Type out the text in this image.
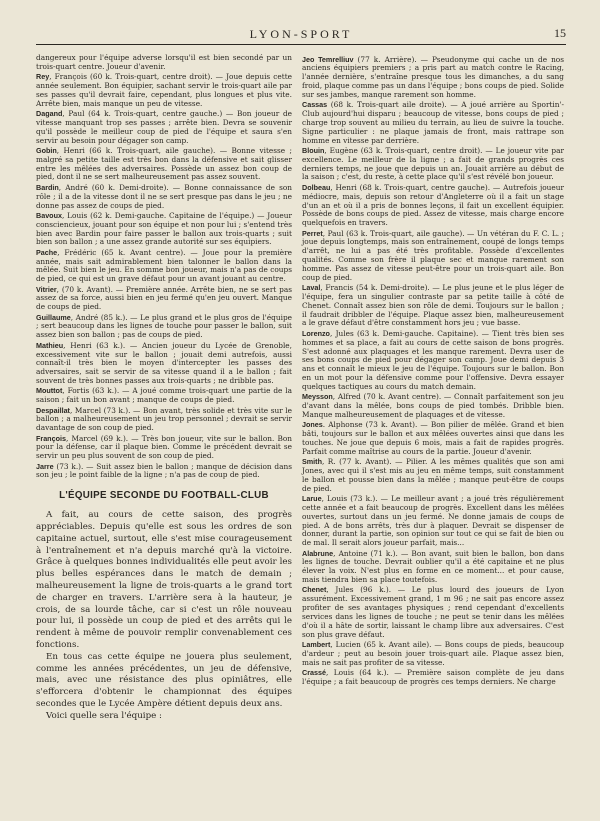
LYON-SPORT	15

dangereux pour l'équipe adverse lorsqu'il est bien secondé par un trois-quart centre. Joueur d'avenir.

Rey, François (60 k. Trois-quart, centre droit). — Joue depuis cette année seulement. Bon équipier, sachant servir le trois-quart aile par ses passes qu'il devrait faire, cependant, plus longues et plus vite. Arrête bien, mais manque un peu de vitesse.

Dagand, Paul (64 k. Trois-quart, centre gauche.) — Bon joueur de vitesse manquant trop ses passes ; arrête bien. Devra se souvenir qu'il possède le meilleur coup de pied de l'équipe et saura s'en servir au besoin pour dégager son camp.

Gobin, Henri (66 k. Trois-quart, aile gauche). — Bonne vitesse ; malgré sa petite taille est très bon dans la défensive et sait glisser entre les mêlées des adversaires. Possède un assez bon coup de pied, dont il ne se sert malheureusement pas assez souvent.

Bardin, André (60 k. Demi-droite). — Bonne connaissance de son rôle ; il a de la vitesse dont il ne se sert presque pas dans le jeu ; ne donne pas assez de coups de pied.

Bavoux, Louis (62 k. Demi-gauche. Capitaine de l'équipe.) — Joueur consciencieux, jouant pour son équipe et non pour lui ; s'entend très bien avec Bardin pour faire passer le ballon aux trois-quarts ; suit bien son ballon ; a une assez grande autorité sur ses équipiers.

Pache, Frédéric (65 k. Avant centre). — Joue pour la première année, mais sait admirablement bien talonner le ballon dans la mêlée. Suit bien le jeu. En somme bon joueur, mais n'a pas de coups de pied, ce qui est un grave défaut pour un avant jouant au centre.

Vitrier, (70 k. Avant). — Première année. Arrête bien, ne se sert pas assez de sa force, aussi bien en jeu fermé qu'en jeu ouvert. Manque de coups de pied.

Guillaume, André (85 k.). — Le plus grand et le plus gros de l'équipe ; sert beaucoup dans les lignes de touche pour passer le ballon, suit assez bien son ballon ; pas de coups de pied.

Mathieu, Henri (63 k.). — Ancien joueur du Lycée de Grenoble, excessivement vite sur le ballon ; jouait demi autrefois, aussi connaît-il très bien le moyen d'intercepter les passes des adversaires, sait se servir de sa vitesse quand il a le ballon ; fait souvent de très bonnes passes aux trois-quarts ; ne dribble pas.

Mouttot, Fortis (63 k.). — A joué comme trois-quart une partie de la saison ; fait un bon avant ; manque de coups de pied.

Despaillat, Marcel (73 k.). — Bon avant, très solide et très vite sur le ballon ; a malheureusement un jeu trop personnel ; devrait se servir davantage de son coup de pied.

François, Marcel (69 k.). — Très bon joueur, vite sur le ballon. Bon pour la défense, car il plaque bien. Comme le précédent devrait se servir un peu plus souvent de son coup de pied.

Jarre (73 k.). — Suit assez bien le ballon ; manque de décision dans son jeu ; le point faible de la ligne ; n'a pas de coup de pied.

L'ÉQUIPE SECONDE DU FOOTBALL-CLUB

A fait, au cours de cette saison, des progrès appréciables. Depuis qu'elle est sous les ordres de son capitaine actuel, surtout, elle s'est mise courageusement à l'entraînement et n'a depuis marché qu'à la victoire. Grâce à quelques bonnes individualités elle peut avoir les plus belles espérances dans le match de demain ; malheureusement la ligne de trois-quarts a le grand tort de charger en travers. L'arrière sera à la hauteur, je crois, de sa lourde tâche, car si c'est un rôle nouveau pour lui, il possède un coup de pied et des arrêts qui le rendent à même de pouvoir remplir convenablement ces fonctions.

En tous cas cette équipe ne jouera plus seulement, comme les années précédentes, un jeu de défensive, mais, avec une résistance des plus opiniâtres, elle s'efforcera d'obtenir le championnat des équipes secondes que le Lycée Ampère détient depuis deux ans.

Voici quelle sera l'équipe :

Jeo Temrelliuv (77 k. Arrière). — Pseudonyme qui cache un de nos anciens équipiers premiers ; a pris part au match contre le Racing, l'année dernière, s'entraîne presque tous les dimanches, a du sang froid, plaque comme pas un dans l'équipe ; bons coups de pied. Solide sur ses jambes, manque rarement son homme.

Cassas (68 k. Trois-quart aile droite). — A joué arrière au Sportin'-Club aujourd'hui disparu ; beaucoup de vitesse, bons coups de pied ; charge trop souvent au milieu du terrain, au lieu de suivre la touche. Signe particulier : ne plaque jamais de front, mais rattrape son homme en vitesse par derrière.

Blouin, Eugène (63 k. Trois-quart, centre droit). — Le joueur vite par excellence. Le meilleur de la ligne ; a fait de grands progrès ces derniers temps, ne joue que depuis un an. Jouait arrière au début de la saison ; c'est, du reste, à cette place qu'il s'est révélé bon joueur.

Dolbeau, Henri (68 k. Trois-quart, centre gauche). — Autrefois joueur médiocre, mais, depuis son retour d'Angleterre où il a fait un stage d'un an et où il a pris de bonnes leçons, il fait un excellent équipier. Possède de bons coups de pied. Assez de vitesse, mais charge encore quelquefois en travers.

Perret, Paul (63 k. Trois-quart, aile gauche). — Un vétéran du F. C. L. ; joue depuis longtemps, mais son entraînement, coupé de longs temps d'arrêt, ne lui a pas été très profitable. Possède d'excellentes qualités. Comme son frère il plaque sec et manque rarement son homme. Pas assez de vitesse peut-être pour un trois-quart aile. Bon coup de pied.

Laval, Francis (54 k. Demi-droite). — Le plus jeune et le plus léger de l'équipe, fera un singulier contraste par sa petite taille à côté de Chenet. Connaît assez bien son rôle de demi. Toujours sur le ballon ; il faudrait dribbler de l'équipe. Plaque assez bien, malheureusement a le grave défaut d'être constamment hors jeu ; vue basse.

Lorenzo, Jules (63 k. Demi-gauche. Capitaine). — Tient très bien ses hommes et sa place, a fait au cours de cette saison de bons progrès. S'est adonné aux plaquages et les manque rarement. Devra user de ses bons coups de pied pour dégager son camp. Joue demi depuis 3 ans et connaît le mieux le jeu de l'équipe. Toujours sur le ballon. Bon en un mot pour la défensive comme pour l'offensive. Devra essayer quelques tactiques au cours du match demain.

Meysson, Alfred (70 k. Avant centre). — Connaît parfaitement son jeu d'avant dans la mêlée, bons coups de pied tombés. Dribble bien. Manque malheureusement de plaquages et de vitesse.

Jones. Alphonse (73 k. Avant). — Bon pilier de mêlée. Grand et bien bâti, toujours sur le ballon et aux mêlées ouvertes ainsi que dans les touches. Ne joue que depuis 6 mois, mais a fait de rapides progrès. Parfait comme maîtrise au cours de la partie. Joueur d'avenir.

Smith, R. (77 k. Avant). — Pilier. A les mêmes qualités que son ami Jones, avec qui il s'est mis au jeu en même temps, suit constamment le ballon et pousse bien dans la mêlée ; manque peut-être de coups de pied.

Larue, Louis (73 k.). — Le meilleur avant ; a joué très régulièrement cette année et a fait beaucoup de progrès. Excellent dans les mêlées ouvertes, surtout dans un jeu fermé. Ne donne jamais de coups de pied. A de bons arrêts, très dur à plaquer. Devrait se dispenser de donner, durant la partie, son opinion sur tout ce qui se fait de bien ou de mal. Il serait alors joueur parfait, mais...

Alabrune, Antoine (71 k.). — Bon avant, suit bien le ballon, bon dans les lignes de touche. Devrait oublier qu'il a été capitaine et ne plus élever la voix. N'est plus en forme en ce moment... et pour cause, mais tiendra bien sa place toutefois.

Chenet, Jules (96 k.). — Le plus lourd des joueurs de Lyon assurément. Excessivement grand, 1 m 96 ; ne sait pas encore assez profiter de ses avantages physiques ; rend cependant d'excellents services dans les lignes de touche ; ne peut se tenir dans les mêlées d'où il a hâte de sortir, laissant le champ libre aux adversaires. C'est son plus grave défaut.

Lambert, Lucien (65 k. Avant aile). — Bons coups de pieds, beaucoup d'ardeur ; peut au besoin jouer trois-quart aile. Plaque assez bien, mais ne sait pas profiter de sa vitesse.

Crassé, Louis (64 k.). — Première saison complète de jeu dans l'équipe ; a fait beaucoup de progrès ces temps derniers. Ne charge
